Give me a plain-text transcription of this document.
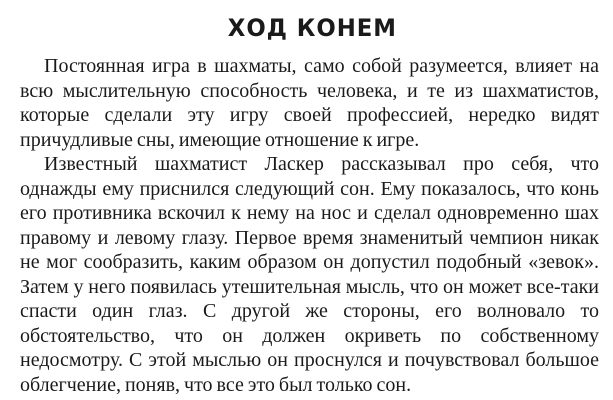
ХОД КОНЕМ

Постоянная игра в шахматы, само собой разумеется, влияет на всю мыслительную способность человека, и те из шахматистов, которые сделали эту игру своей профессией, нередко видят причудливые сны, имеющие отношение к игре.

Известный шахматист Ласкер рассказывал про себя, что однажды ему приснился следующий сон. Ему показалось, что конь его противника вскочил к нему на нос и сделал одновременно шах правому и левому глазу. Первое время знаменитый чемпион никак не мог сообразить, каким образом он допустил подобный «зевок». Затем у него появилась утешительная мысль, что он может все-таки спасти один глаз. С другой же стороны, его волновало то обстоятельство, что он должен окриветь по собственному недосмотру. С этой мыслью он проснулся и почувствовал большое облегчение, поняв, что все это был только сон.
